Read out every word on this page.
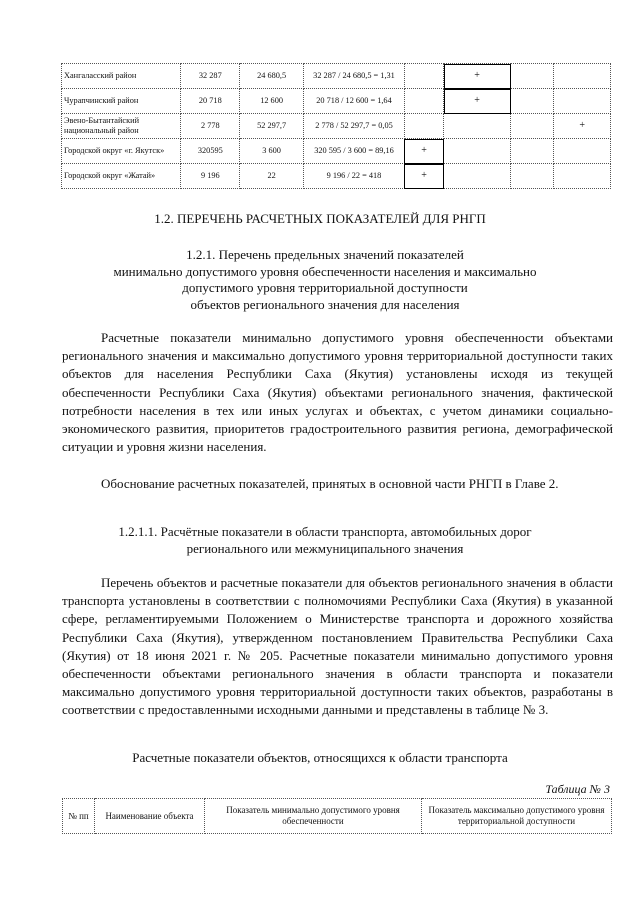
Хангаласский район	32 287	24 680,5	32 287 / 24 680,5 = 1,31		+		
Чурапчинский район	20 718	12 600	20 718 / 12 600 = 1,64		+		
Эвено-Бытантайский национальный район	2 778	52 297,7	2 778 / 52 297,7 = 0,05				+
Городской округ «г. Якутск»	320595	3 600	320 595 / 3 600 = 89,16	+			
Городской округ «Жатай»	9 196	22	9 196 / 22 = 418	+			
1.2. ПЕРЕЧЕНЬ РАСЧЕТНЫХ ПОКАЗАТЕЛЕЙ ДЛЯ РНГП
1.2.1. Перечень предельных значений показателей
минимально допустимого уровня обеспеченности населения и максимально
допустимого уровня территориальной доступности
объектов регионального значения для населения

Расчетные показатели минимально допустимого уровня обеспеченности объектами регионального значения и максимально допустимого уровня территориальной доступности таких объектов для населения Республики Саха (Якутия) установлены исходя из текущей обеспеченности Республики Саха (Якутия) объектами регионального значения, фактической потребности населения в тех или иных услугах и объектах, с учетом динамики социально-экономического развития, приоритетов градостроительного развития региона, демографической ситуации и уровня жизни населения.

Обоснование расчетных показателей, принятых в основной части РНГП в Главе 2.

1.2.1.1. Расчётные показатели в области транспорта, автомобильных дорог
регионального или межмуниципального значения

Перечень объектов и расчетные показатели для объектов регионального значения в области транспорта установлены в соответствии с полномочиями Республики Саха (Якутия) в указанной сфере, регламентируемыми Положением о Министерстве транспорта и дорожного хозяйства Республики Саха (Якутия), утвержденном постановлением Правительства Республики Саха (Якутия) от 18 июня 2021 г. № 205. Расчетные показатели минимально допустимого уровня обеспеченности объектами регионального значения в области транспорта и показатели максимально допустимого уровня территориальной доступности таких объектов, разработаны в соответствии с предоставленными исходными данными и представлены в таблице № 3.

Расчетные показатели объектов, относящихся к области транспорта
Таблица № 3
№ пп	Наименование объекта	Показатель минимально допустимого уровня обеспеченности	Показатель максимально допустимого уровня территориальной доступности
